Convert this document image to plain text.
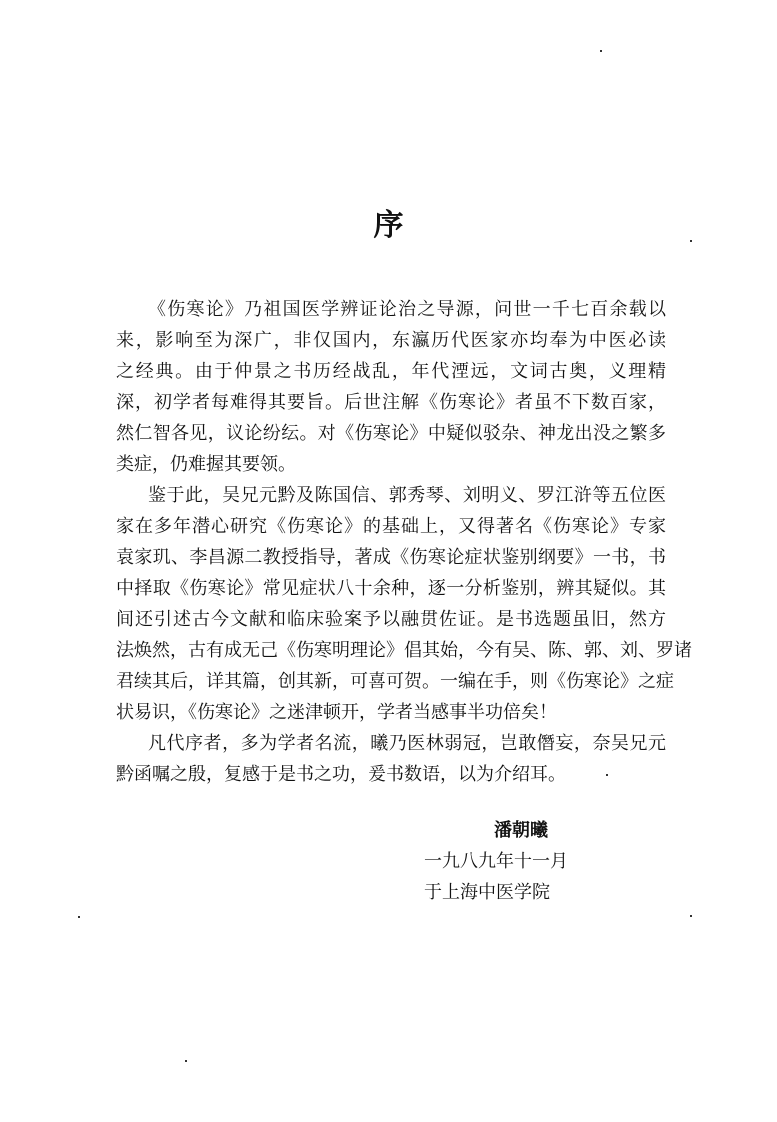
序
《伤寒论》乃祖国医学辨证论治之导源，问世一千七百余载以
来，影响至为深广，非仅国内，东瀛历代医家亦均奉为中医必读
之经典。由于仲景之书历经战乱，年代湮远，文词古奥，义理精
深，初学者每难得其要旨。后世注解《伤寒论》者虽不下数百家，
然仁智各见，议论纷纭。对《伤寒论》中疑似驳杂、神龙出没之繁多
类症，仍难握其要领。
鉴于此，吴兄元黔及陈国信、郭秀琴、刘明义、罗江浒等五位医
家在多年潜心研究《伤寒论》的基础上，又得著名《伤寒论》专家
袁家玑、李昌源二教授指导，著成《伤寒论症状鉴别纲要》一书，书
中择取《伤寒论》常见症状八十余种，逐一分析鉴别，辨其疑似。其
间还引述古今文献和临床验案予以融贯佐证。是书选题虽旧，然方
法焕然，古有成无己《伤寒明理论》倡其始，今有吴、陈、郭、刘、罗诸
君续其后，详其篇，创其新，可喜可贺。一编在手，则《伤寒论》之症
状易识，《伤寒论》之迷津顿开，学者当感事半功倍矣！
凡代序者，多为学者名流，曦乃医林弱冠，岂敢僭妄，奈吴兄元
黔函嘱之殷，复感于是书之功，爰书数语，以为介绍耳。
潘朝曦
一九八九年十一月
于上海中医学院
